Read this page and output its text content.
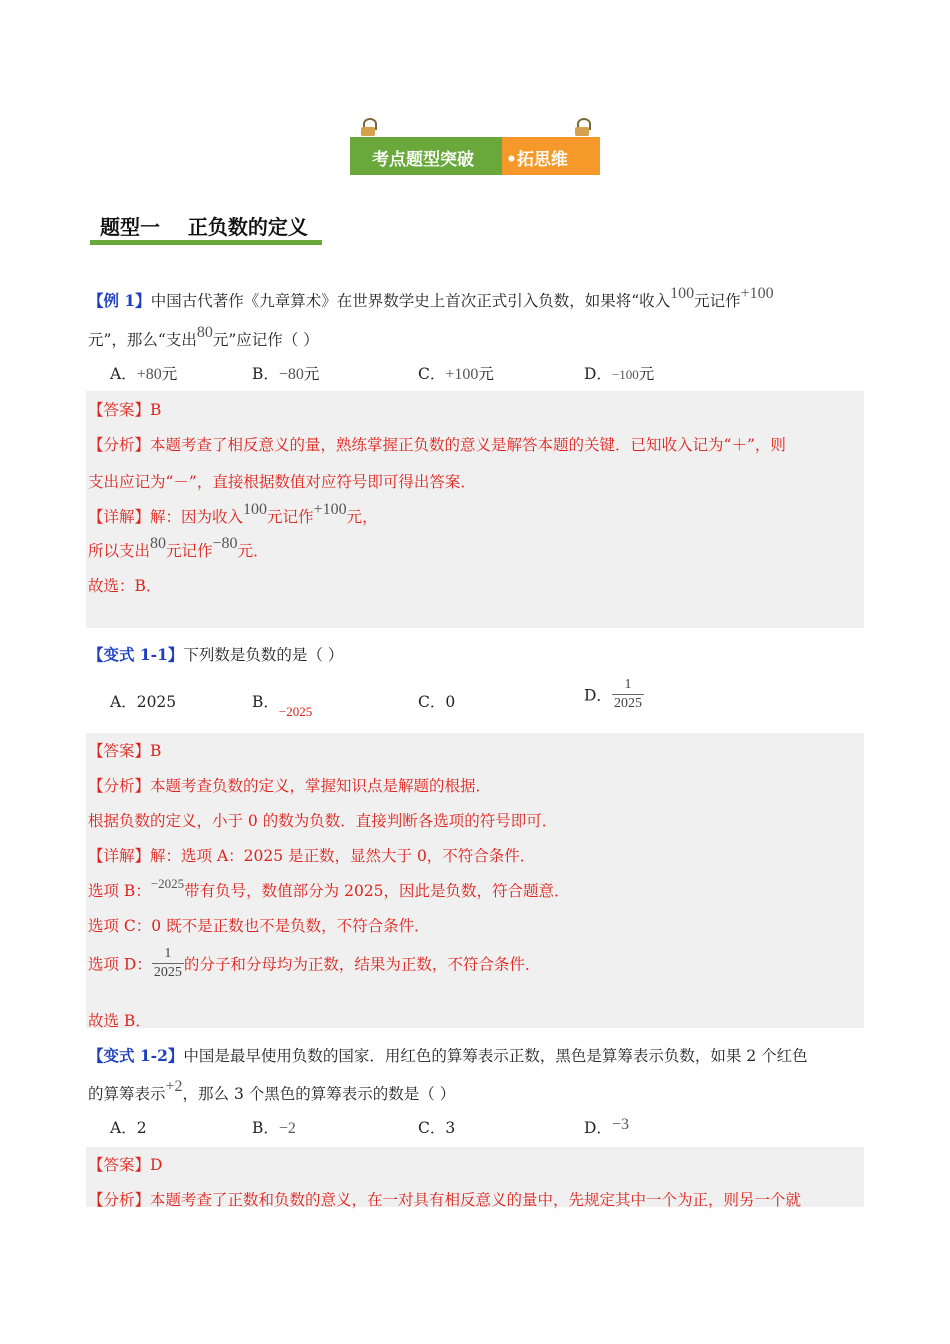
考点题型突破 •拓思维
题型一    正负数的定义
【例 1】中国古代著作《九章算术》在世界数学史上首次正式引入负数，如果将“收入100元记作+100
元”，那么“支出80元”应记作（ ）
A．+80元	B．−80元	C．+100元	D．−100元
【答案】B
【分析】本题考查了相反意义的量，熟练掌握正负数的意义是解答本题的关键．已知收入记为“＋”，则
支出应记为“－”，直接根据数值对应符号即可得出答案．
【详解】解：因为收入100元记作+100元，
所以支出80元记作−80元．
故选：B．
【变式 1-1】下列数是负数的是（ ）
A．2025	B．$_{-2025}$
C．0	D． $\frac{1}{2025}$
【答案】B
【分析】本题考查负数的定义，掌握知识点是解题的根据．
根据负数的定义，小于 0 的数为负数．直接判断各选项的符号即可．
【详解】解：选项 A：2025 是正数，显然大于 0，不符合条件．
选项 B：$^{-2025}$带有负号，数值部分为 2025，因此是负数，符合题意．
选项 C：0 既不是正数也不是负数，不符合条件．
选项 D： $\frac{1}{2025}$ 的分子和分母均为正数，结果为正数，不符合条件．
故选 B．
【变式 1-2】中国是最早使用负数的国家．用红色的算筹表示正数，黑色是算筹表示负数，如果 2 个红色
的算筹表示+2，那么 3 个黑色的算筹表示的数是（ ）
A．2	B．−2	C．3	D．−3
【答案】D
【分析】本题考查了正数和负数的意义，在一对具有相反意义的量中，先规定其中一个为正，则另一个就
